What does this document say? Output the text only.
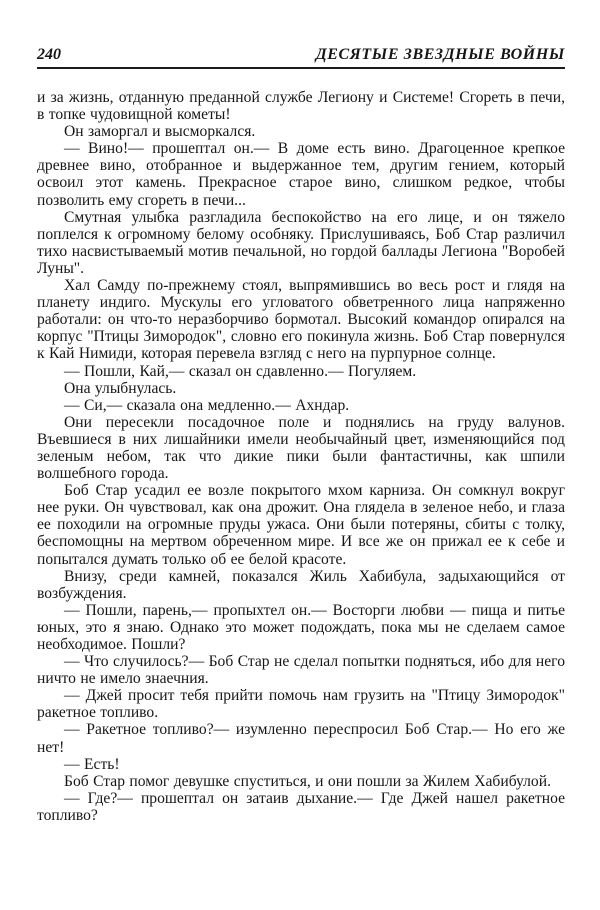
240	ДЕСЯТЫЕ ЗВЕЗДНЫЕ ВОЙНЫ

и за жизнь, отданную преданной службе Легиону и Системе! Сгореть в печи, в топке чудовищной кометы!

Он заморгал и высморкался.

— Вино!— прошептал он.— В доме есть вино. Драгоценное крепкое древнее вино, отобранное и выдержанное тем, другим гением, который освоил этот камень. Прекрасное старое вино, слишком редкое, чтобы позволить ему сгореть в печи...

Смутная улыбка разгладила беспокойство на его лице, и он тяжело поплелся к огромному белому особняку. Прислушиваясь, Боб Стар различил тихо насвистываемый мотив печальной, но гордой баллады Легиона "Воробей Луны".

Хал Самду по-прежнему стоял, выпрямившись во весь рост и глядя на планету индиго. Мускулы его угловатого обветренного лица напряженно работали: он что-то неразборчиво бормотал. Высокий командор опирался на корпус "Птицы Зимородок", словно его покинула жизнь. Боб Стар повернулся к Кай Нимиди, которая перевела взгляд с него на пурпурное солнце.

— Пошли, Кай,— сказал он сдавленно.— Погуляем.

Она улыбнулась.

— Си,— сказала она медленно.— Ахндар.

Они пересекли посадочное поле и поднялись на груду валунов. Въевшиеся в них лишайники имели необычайный цвет, изменяющийся под зеленым небом, так что дикие пики были фантастичны, как шпили волшебного города.

Боб Стар усадил ее возле покрытого мхом карниза. Он сомкнул вокруг нее руки. Он чувствовал, как она дрожит. Она глядела в зеленое небо, и глаза ее походили на огромные пруды ужаса. Они были потеряны, сбиты с толку, беспомощны на мертвом обреченном мире. И все же он прижал ее к себе и попытался думать только об ее белой красоте.

Внизу, среди камней, показался Жиль Хабибула, задыхающийся от возбуждения.

— Пошли, парень,— пропыхтел он.— Восторги любви — пища и питье юных, это я знаю. Однако это может подождать, пока мы не сделаем самое необходимое. Пошли?

— Что случилось?— Боб Стар не сделал попытки подняться, ибо для него ничто не имело знаечния.

— Джей просит тебя прийти помочь нам грузить на "Птицу Зимородок" ракетное топливо.

— Ракетное топливо?— изумленно переспросил Боб Стар.— Но его же нет!

— Есть!

Боб Стар помог девушке спуститься, и они пошли за Жилем Хабибулой.

— Где?— прошептал он затаив дыхание.— Где Джей нашел ракетное топливо?
